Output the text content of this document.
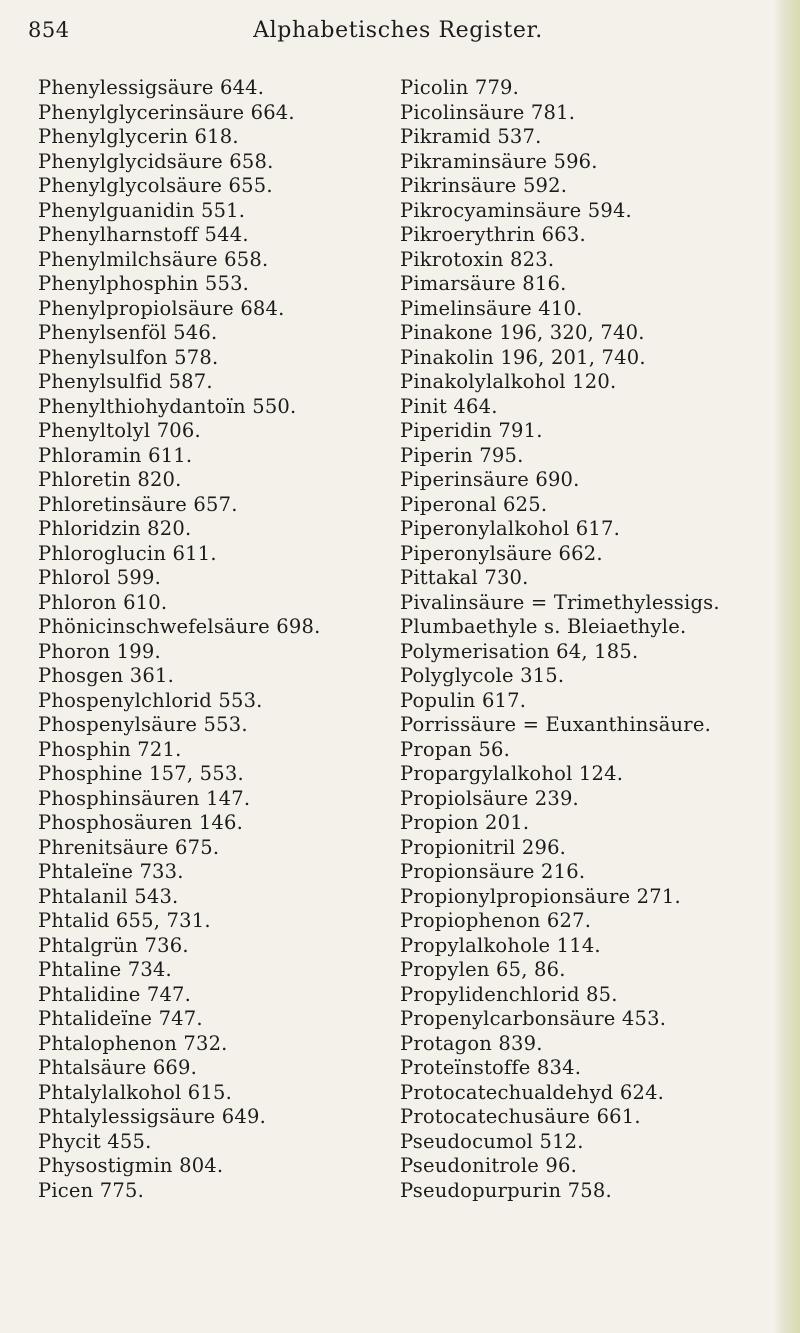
854	Alphabetisches Register.
Phenylessigsäure 644.
Phenylglycerinsäure 664.
Phenylglycerin 618.
Phenylglycidsäure 658.
Phenylglycolsäure 655.
Phenylguanidin 551.
Phenylharnstoff 544.
Phenylmilchsäure 658.
Phenylphosphin 553.
Phenylpropiolsäure 684.
Phenylsenföl 546.
Phenylsulfon 578.
Phenylsulfid 587.
Phenylthiohydantoïn 550.
Phenyltolyl 706.
Phloramin 611.
Phloretin 820.
Phloretinsäure 657.
Phloridzin 820.
Phloroglucin 611.
Phlorol 599.
Phloron 610.
Phönicinschwefelsäure 698.
Phoron 199.
Phosgen 361.
Phospenylchlorid 553.
Phospenylsäure 553.
Phosphin 721.
Phosphine 157, 553.
Phosphinsäuren 147.
Phosphosäuren 146.
Phrenitsäure 675.
Phtaleïne 733.
Phtalanil 543.
Phtalid 655, 731.
Phtalgrün 736.
Phtaline 734.
Phtalidine 747.
Phtalideïne 747.
Phtalophenon 732.
Phtalsäure 669.
Phtalylalkohol 615.
Phtalylessigsäure 649.
Phycit 455.
Physostigmin 804.
Picen 775.
Picolin 779.
Picolinsäure 781.
Pikramid 537.
Pikraminsäure 596.
Pikrinsäure 592.
Pikrocyaminsäure 594.
Pikroerythrin 663.
Pikrotoxin 823.
Pimarsäure 816.
Pimelinsäure 410.
Pinakone 196, 320, 740.
Pinakolin 196, 201, 740.
Pinakolylalkohol 120.
Pinit 464.
Piperidin 791.
Piperin 795.
Piperinsäure 690.
Piperonal 625.
Piperonylalkohol 617.
Piperonylsäure 662.
Pittakal 730.
Pivalinsäure = Trimethylessigs.
Plumbaethyle s. Bleiaethyle.
Polymerisation 64, 185.
Polyglycole 315.
Populin 617.
Porrissäure = Euxanthinsäure.
Propan 56.
Propargylalkohol 124.
Propiolsäure 239.
Propion 201.
Propionitril 296.
Propionsäure 216.
Propionylpropionsäure 271.
Propiophenon 627.
Propylalkohole 114.
Propylen 65, 86.
Propylidenchlorid 85.
Propenylcarbonsäure 453.
Protagon 839.
Proteïnstoffe 834.
Protocatechualdehyd 624.
Protocatechusäure 661.
Pseudocumol 512.
Pseudonitrole 96.
Pseudopurpurin 758.
